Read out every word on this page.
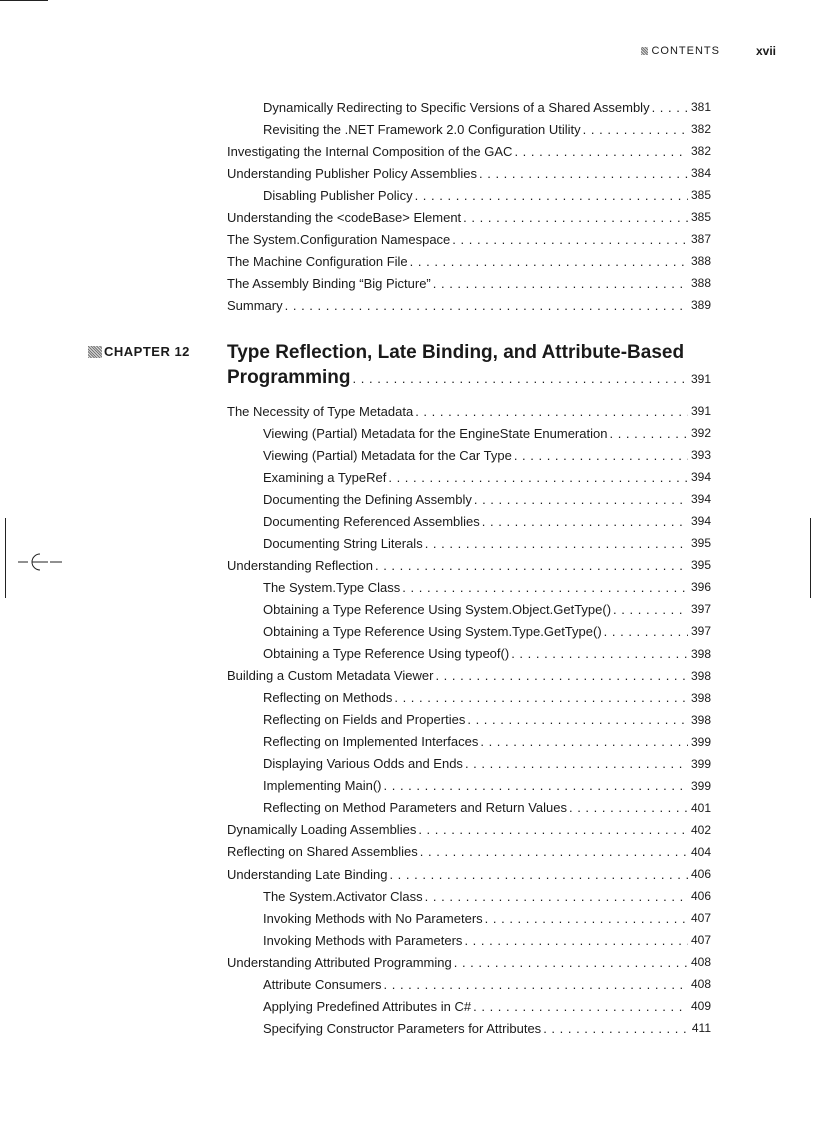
CONTENTS	xvii
Dynamically Redirecting to Specific Versions of a Shared Assembly . . .	381
Revisiting the .NET Framework 2.0 Configuration Utility . . .	382
Investigating the Internal Composition of the GAC . . .	382
Understanding Publisher Policy Assemblies . . .	384
Disabling Publisher Policy . . .	385
Understanding the <codeBase> Element . . .	385
The System.Configuration Namespace . . .	387
The Machine Configuration File . . .	388
The Assembly Binding “Big Picture” . . .	388
Summary . . .	389
CHAPTER 12 Type Reflection, Late Binding, and Attribute-Based
Programming . . .	391
The Necessity of Type Metadata . . .	391
Viewing (Partial) Metadata for the EngineState Enumeration . . .	392
Viewing (Partial) Metadata for the Car Type . . .	393
Examining a TypeRef . . .	394
Documenting the Defining Assembly . . .	394
Documenting Referenced Assemblies . . .	394
Documenting String Literals . . .	395
Understanding Reflection . . .	395
The System.Type Class . . .	396
Obtaining a Type Reference Using System.Object.GetType() . . .	397
Obtaining a Type Reference Using System.Type.GetType() . . .	397
Obtaining a Type Reference Using typeof() . . .	398
Building a Custom Metadata Viewer . . .	398
Reflecting on Methods . . .	398
Reflecting on Fields and Properties . . .	398
Reflecting on Implemented Interfaces . . .	399
Displaying Various Odds and Ends . . .	399
Implementing Main() . . .	399
Reflecting on Method Parameters and Return Values . . .	401
Dynamically Loading Assemblies . . .	402
Reflecting on Shared Assemblies . . .	404
Understanding Late Binding . . .	406
The System.Activator Class . . .	406
Invoking Methods with No Parameters . . .	407
Invoking Methods with Parameters . . .	407
Understanding Attributed Programming . . .	408
Attribute Consumers . . .	408
Applying Predefined Attributes in C# . . .	409
Specifying Constructor Parameters for Attributes . . .	411
